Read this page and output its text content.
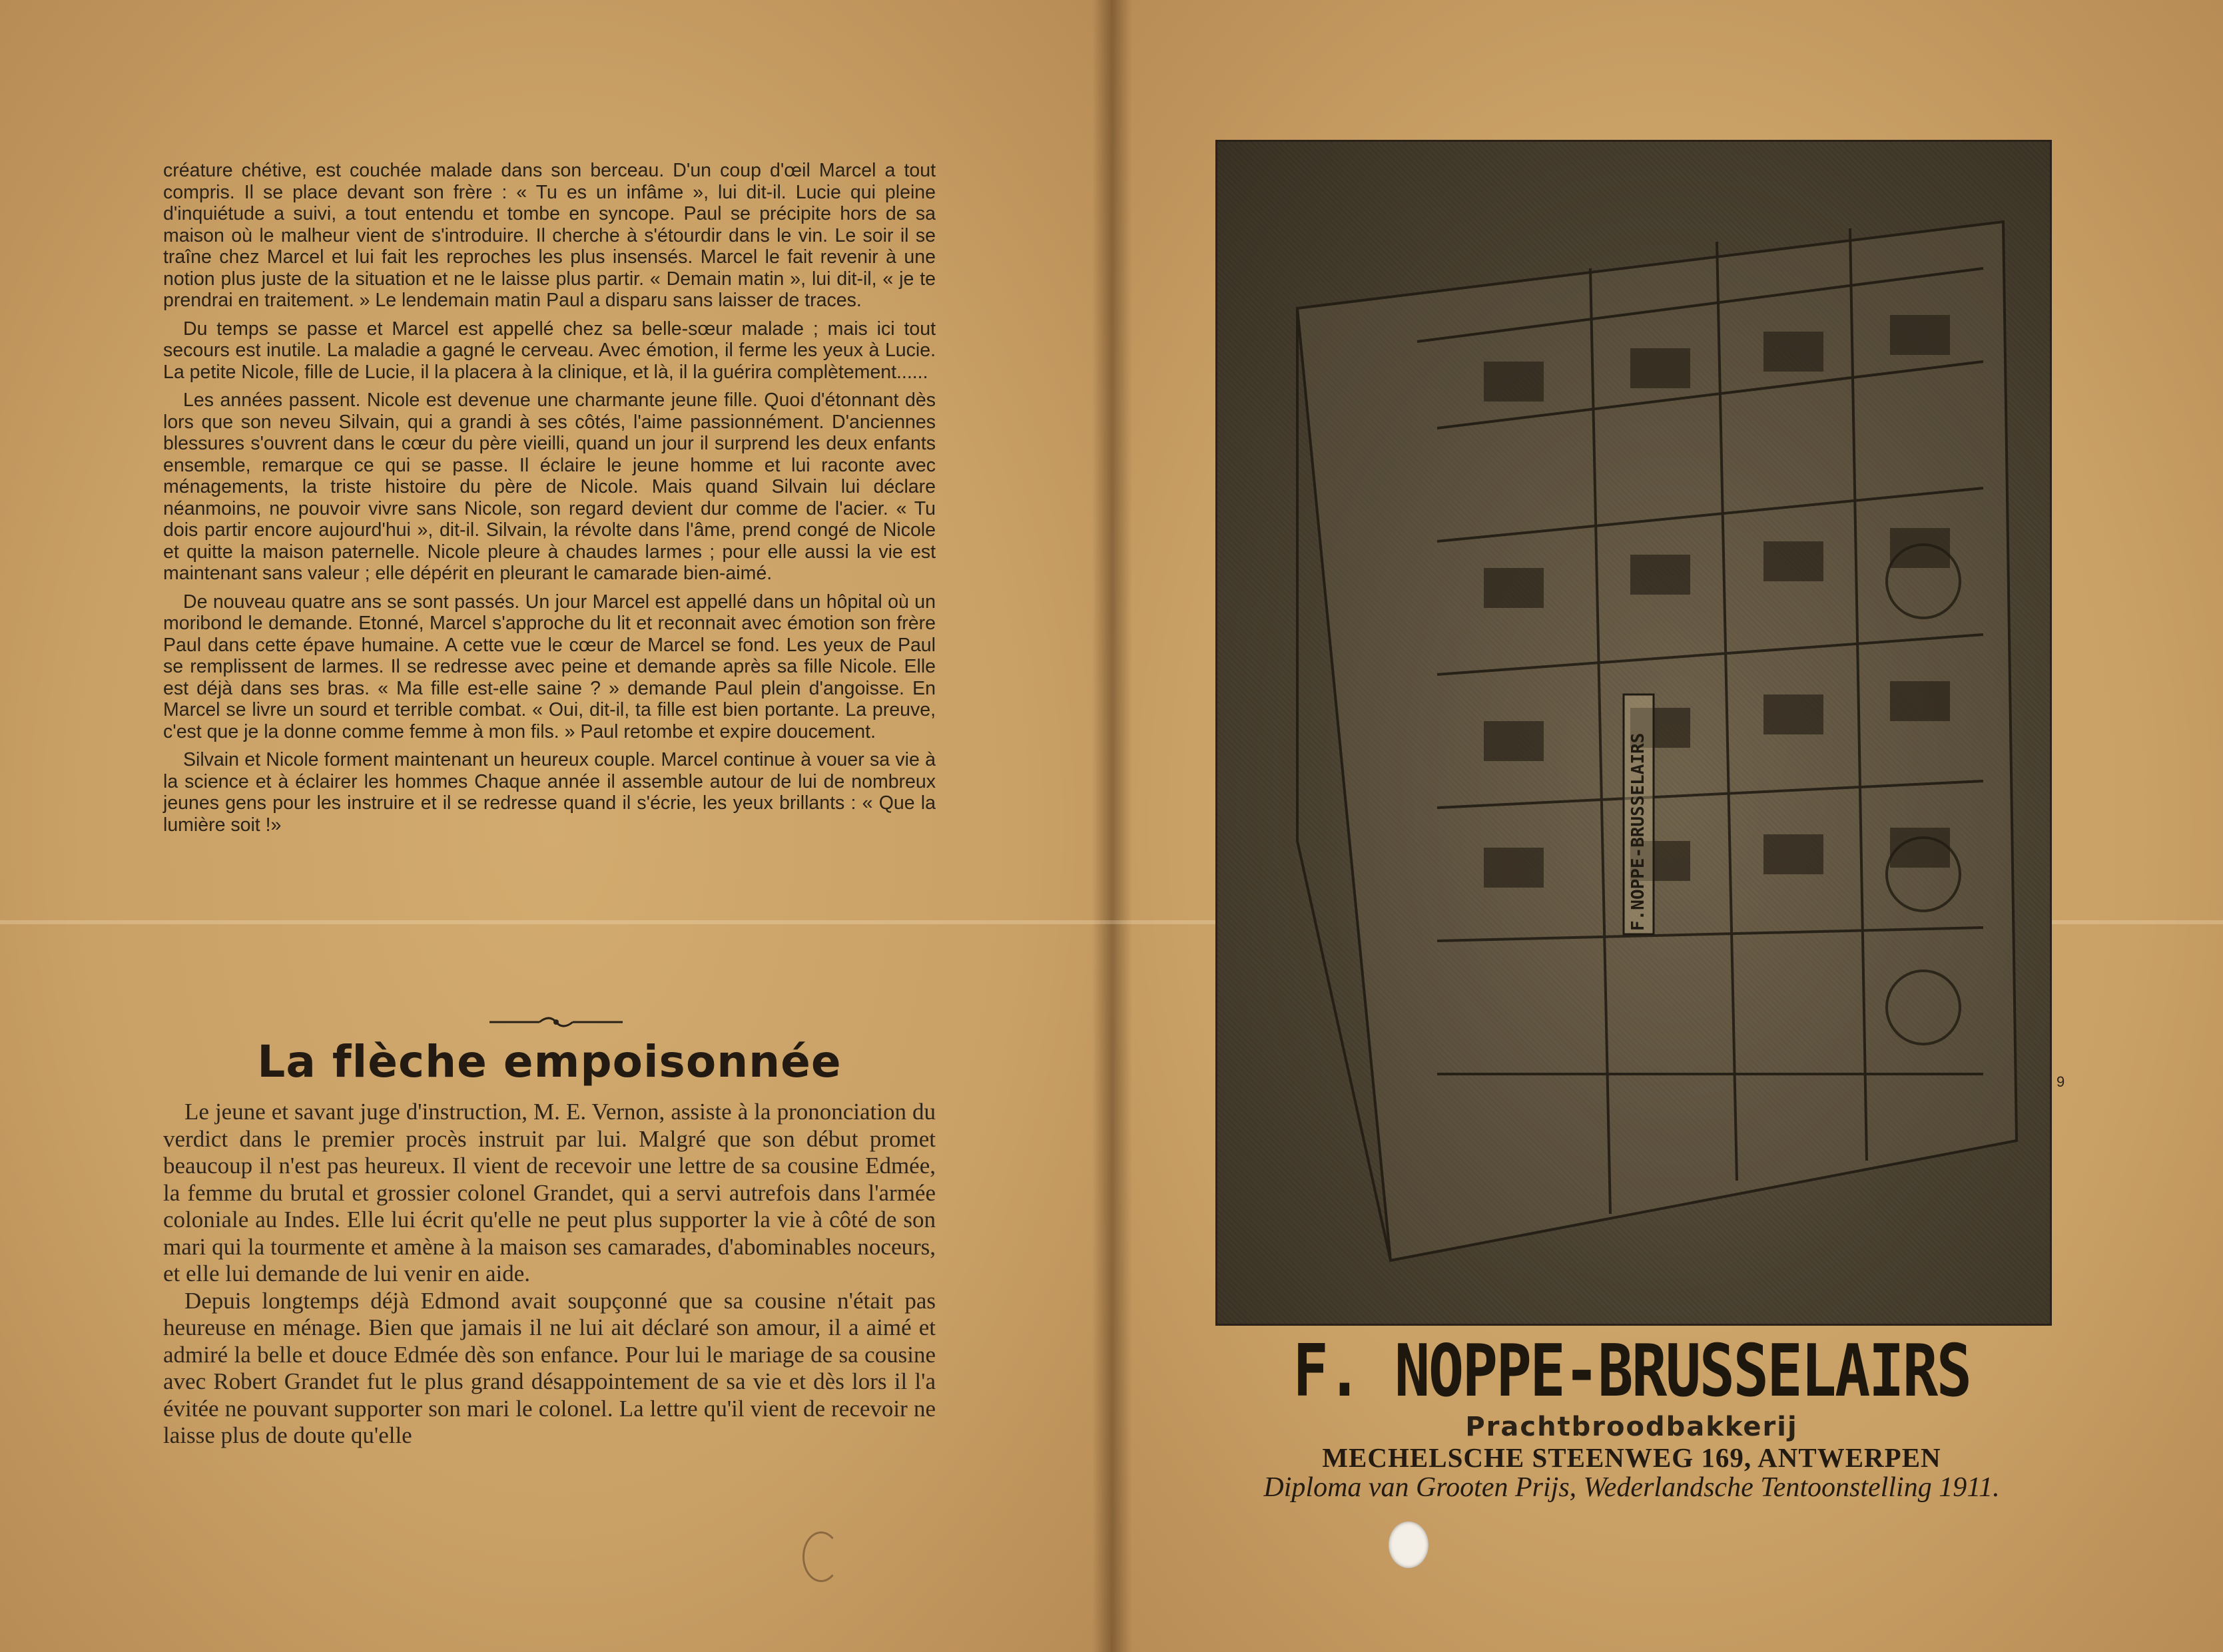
créature chétive, est couchée malade dans son berceau. D'un coup d'œil Marcel a tout compris. Il se place devant son frère : « Tu es un infâme », lui dit-il. Lucie qui pleine d'inquiétude a suivi, a tout entendu et tombe en syncope. Paul se précipite hors de sa maison où le malheur vient de s'introduire. Il cherche à s'étourdir dans le vin. Le soir il se traîne chez Marcel et lui fait les reproches les plus insensés. Marcel le fait revenir à une notion plus juste de la situation et ne le laisse plus partir. « Demain matin », lui dit-il, « je te prendrai en traitement. » Le lendemain matin Paul a disparu sans laisser de traces.

Du temps se passe et Marcel est appellé chez sa belle-sœur malade ; mais ici tout secours est inutile. La maladie a gagné le cerveau. Avec émotion, il ferme les yeux à Lucie. La petite Nicole, fille de Lucie, il la placera à la clinique, et là, il la guérira complètement......

Les années passent. Nicole est devenue une charmante jeune fille. Quoi d'étonnant dès lors que son neveu Silvain, qui a grandi à ses côtés, l'aime passionnément. D'anciennes blessures s'ouvrent dans le cœur du père vieilli, quand un jour il surprend les deux enfants ensemble, remarque ce qui se passe. Il éclaire le jeune homme et lui raconte avec ménagements, la triste histoire du père de Nicole. Mais quand Silvain lui déclare néanmoins, ne pouvoir vivre sans Nicole, son regard devient dur comme de l'acier. « Tu dois partir encore aujourd'hui », dit-il. Silvain, la révolte dans l'âme, prend congé de Nicole et quitte la maison paternelle. Nicole pleure à chaudes larmes ; pour elle aussi la vie est maintenant sans valeur ; elle dépérit en pleurant le camarade bien-aimé.

De nouveau quatre ans se sont passés. Un jour Marcel est appellé dans un hôpital où un moribond le demande. Etonné, Marcel s'approche du lit et reconnait avec émotion son frère Paul dans cette épave humaine. A cette vue le cœur de Marcel se fond. Les yeux de Paul se remplissent de larmes. Il se redresse avec peine et demande après sa fille Nicole. Elle est déjà dans ses bras. « Ma fille est-elle saine ? » demande Paul plein d'angoisse. En Marcel se livre un sourd et terrible combat. « Oui, dit-il, ta fille est bien portante. La preuve, c'est que je la donne comme femme à mon fils. » Paul retombe et expire doucement.

Silvain et Nicole forment maintenant un heureux couple. Marcel continue à vouer sa vie à la science et à éclairer les hommes Chaque année il assemble autour de lui de nombreux jeunes gens pour les instruire et il se redresse quand il s'écrie, les yeux brillants : « Que la lumière soit !»

La flèche empoisonnée

Le jeune et savant juge d'instruction, M. E. Vernon, assiste à la prononciation du verdict dans le premier procès instruit par lui. Malgré que son début promet beaucoup il n'est pas heureux. Il vient de recevoir une lettre de sa cousine Edmée, la femme du brutal et grossier colonel Grandet, qui a servi autrefois dans l'armée coloniale au Indes. Elle lui écrit qu'elle ne peut plus supporter la vie à côté de son mari qui la tourmente et amène à la maison ses camarades, d'abominables noceurs, et elle lui demande de lui venir en aide.

Depuis longtemps déjà Edmond avait soupçonné que sa cousine n'était pas heureuse en ménage. Bien que jamais il ne lui ait déclaré son amour, il a aimé et admiré la belle et douce Edmée dès son enfance. Pour lui le mariage de sa cousine avec Robert Grandet fut le plus grand désappointement de sa vie et dès lors il l'a évitée ne pouvant supporter son mari le colonel. La lettre qu'il vient de recevoir ne laisse plus de doute qu'elle

F.NOPPE-BRUSSELAIRS
9
F. NOPPE-BRUSSELAIRS
Prachtbroodbakkerij
MECHELSCHE STEENWEG 169, ANTWERPEN
Diploma van Grooten Prijs, Wederlandsche Tentoonstelling 1911.
